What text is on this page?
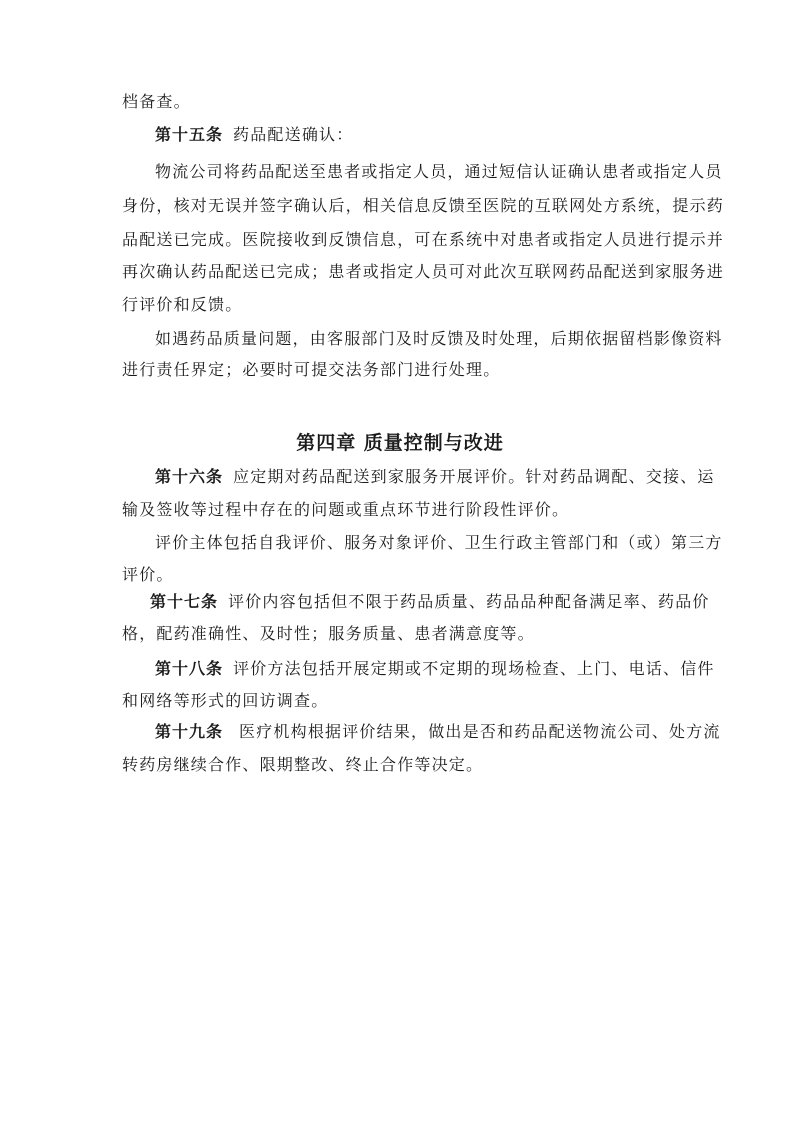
档备查。
第十五条 药品配送确认：
物流公司将药品配送至患者或指定人员，通过短信认证确认患者或指定人员
身份，核对无误并签字确认后，相关信息反馈至医院的互联网处方系统，提示药
品配送已完成。医院接收到反馈信息，可在系统中对患者或指定人员进行提示并
再次确认药品配送已完成；患者或指定人员可对此次互联网药品配送到家服务进
行评价和反馈。
如遇药品质量问题，由客服部门及时反馈及时处理，后期依据留档影像资料
进行责任界定；必要时可提交法务部门进行处理。
第四章 质量控制与改进
第十六条 应定期对药品配送到家服务开展评价。针对药品调配、交接、运
输及签收等过程中存在的问题或重点环节进行阶段性评价。
评价主体包括自我评价、服务对象评价、卫生行政主管部门和（或）第三方
评价。
第十七条 评价内容包括但不限于药品质量、药品品种配备满足率、药品价
格，配药准确性、及时性；服务质量、患者满意度等。
第十八条 评价方法包括开展定期或不定期的现场检查、上门、电话、信件
和网络等形式的回访调查。
第十九条 医疗机构根据评价结果，做出是否和药品配送物流公司、处方流
转药房继续合作、限期整改、终止合作等决定。
